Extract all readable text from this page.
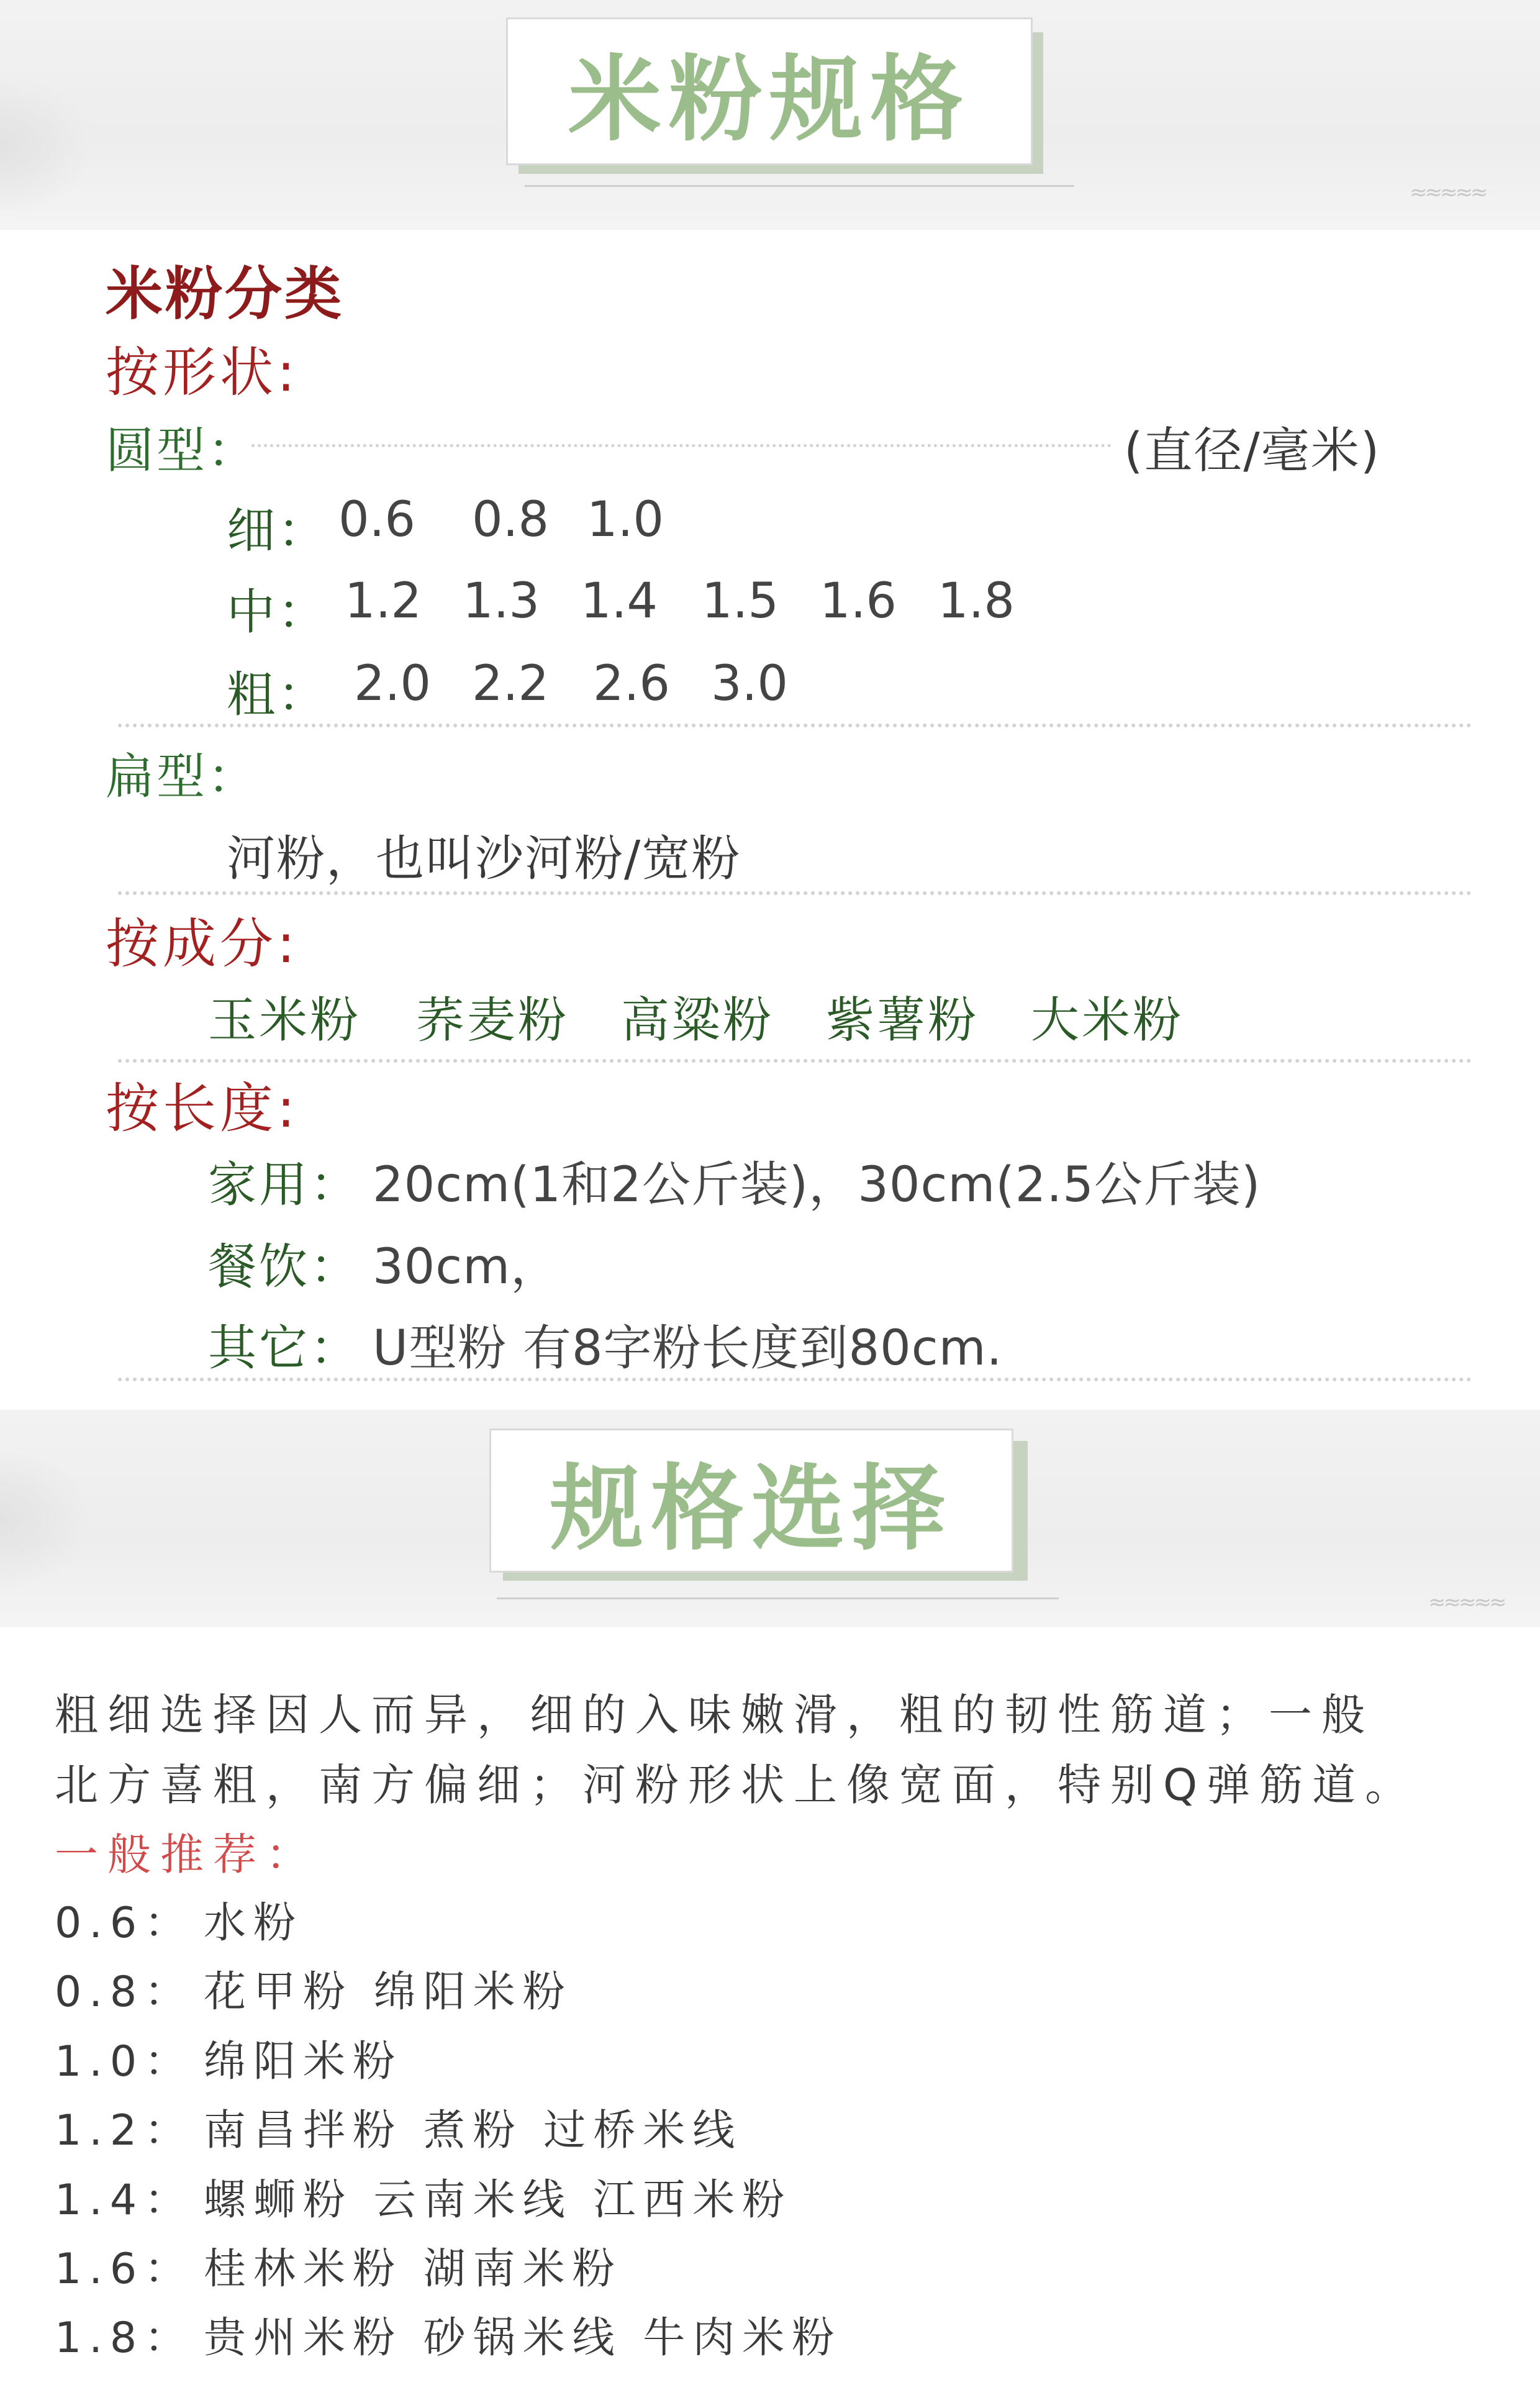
≈≈≈≈≈
米粉规格
米粉分类
按形状:
圆型：	(直径/毫米)
细： 0.6 0.8 1.0
中： 1.2 1.3 1.4 1.5 1.6 1.8
粗： 2.0 2.2 2.6 3.0
扁型：
河粉，也叫沙河粉/宽粉
按成分:
玉米粉 荞麦粉 高粱粉 紫薯粉 大米粉
按长度:
家用： 20cm(1和2公斤装)，30cm(2.5公斤装)
餐饮： 30cm，
其它： U型粉 有8字粉长度到80cm.
≈≈≈≈≈
规格选择
粗细选择因人而异，细的入味嫩滑，粗的韧性筋道；一般
北方喜粗，南方偏细；河粉形状上像宽面，特别Q弹筋道。
一般推荐：
0.6： 水粉
0.8： 花甲粉 绵阳米粉
1.0： 绵阳米粉
1.2： 南昌拌粉 煮粉 过桥米线
1.4： 螺蛳粉 云南米线 江西米粉
1.6： 桂林米粉 湖南米粉
1.8： 贵州米粉 砂锅米线 牛肉米粉
